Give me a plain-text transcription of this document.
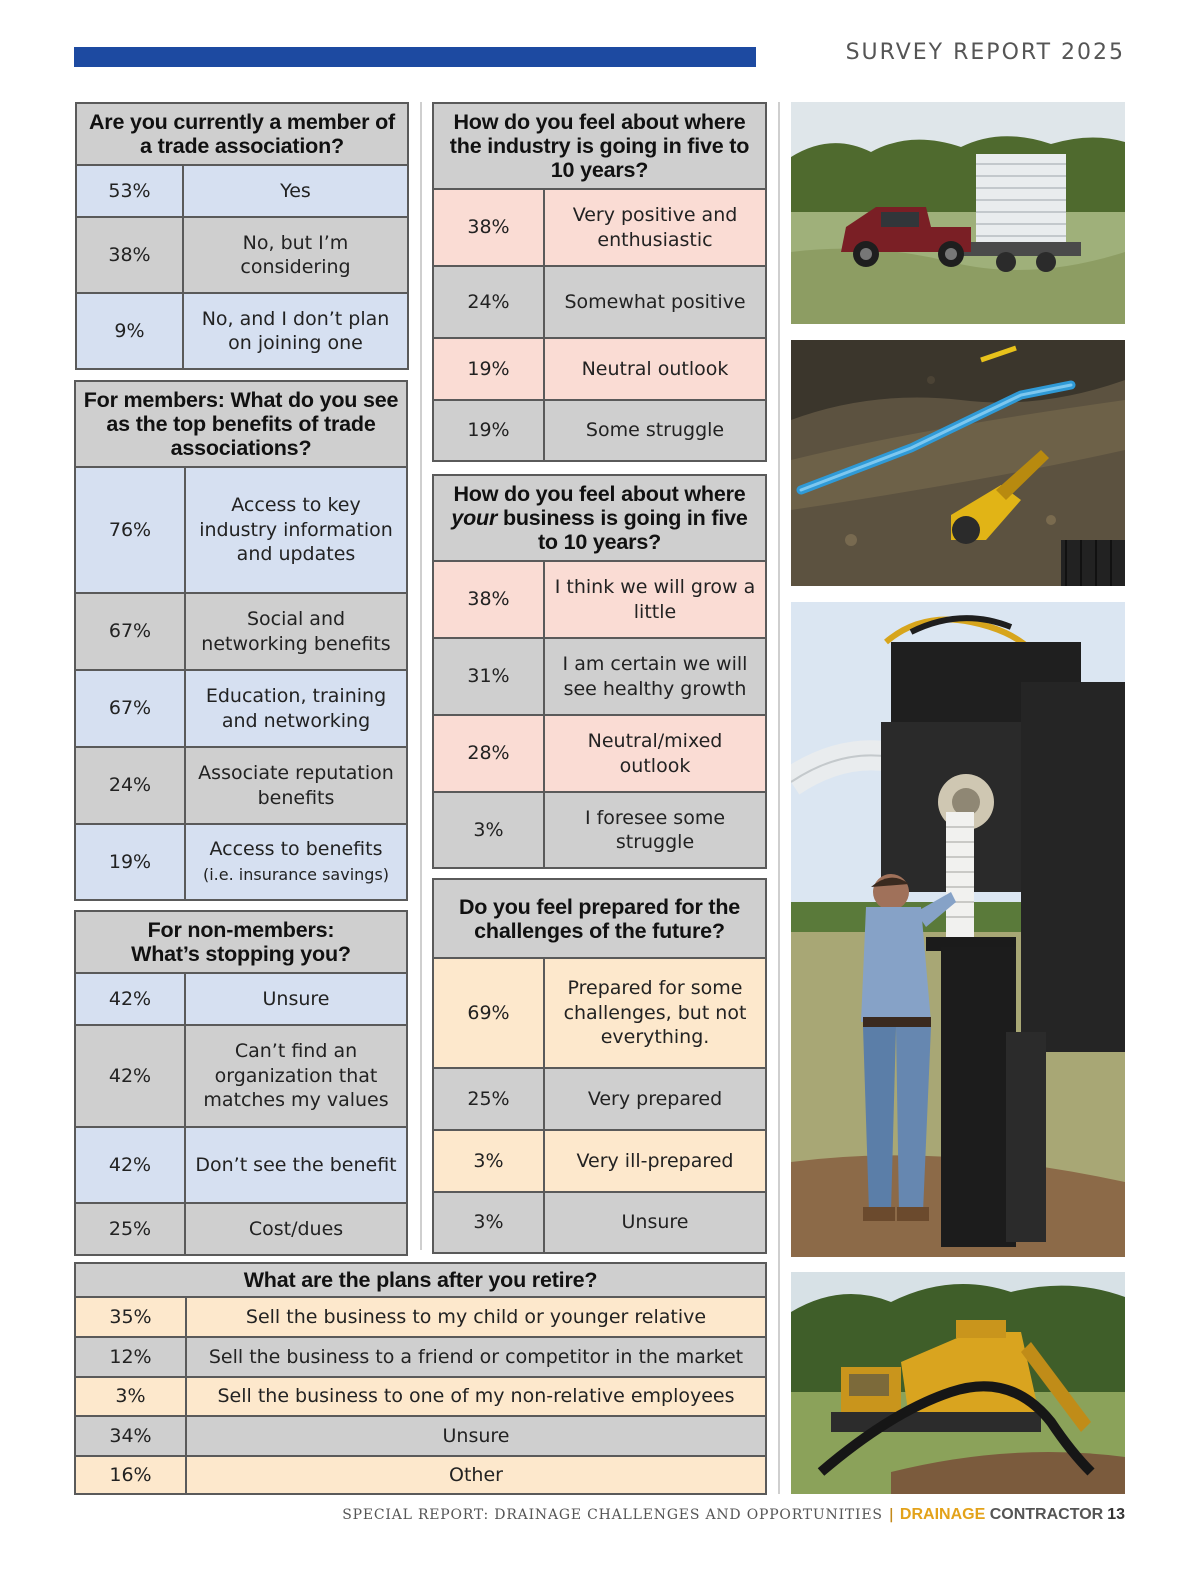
SURVEY REPORT 2025
Are you currently a member of a trade association?	
53%	Yes
38%	No, but I’m considering
9%	No, and I don’t plan on joining one
For members: What do you see as the top benefits of trade associations?	
76%	Access to key industry information and updates
67%	Social and networking benefits
67%	Education, training and networking
24%	Associate reputation benefits
19%	Access to benefits
(i.e. insurance savings)
For non-members:
What’s stopping you?	
42%	Unsure
42%	Can’t find an organization that matches my values
42%	Don’t see the benefit
25%	Cost/dues
How do you feel about where the industry is going in five to 10 years?	
38%	Very positive and enthusiastic
24%	Somewhat positive
19%	Neutral outlook
19%	Some struggle
How do you feel about where your business is going in five to 10 years?	
38%	I think we will grow a little
31%	I am certain we will see healthy growth
28%	Neutral/mixed outlook
3%	I foresee some struggle
Do you feel prepared for the challenges of the future?	
69%	Prepared for some challenges, but not everything.
25%	Very prepared
3%	Very ill-prepared
3%	Unsure
What are the plans after you retire?	
35%	Sell the business to my child or younger relative
12%	Sell the business to a friend or competitor in the market
3%	Sell the business to one of my non-relative employees
34%	Unsure
16%	Other
SPECIAL REPORT: DRAINAGE CHALLENGES AND OPPORTUNITIES | DRAINAGE CONTRACTOR 13
